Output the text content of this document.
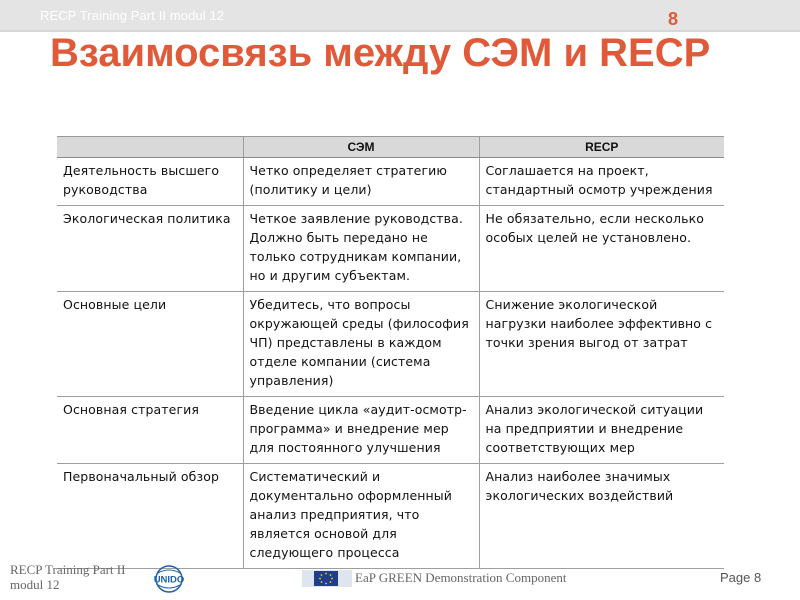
RECP Training Part II modul 12	8
Взаимосвязь между СЭМ и RECP
	СЭМ	RECP
Деятельность высшего руководства	Четко определяет стратегию (политику и цели)	Соглашается на проект, стандартный осмотр учреждения
Экологическая политика	Четкое заявление руководства. Должно быть передано не только сотрудникам компании, но и другим субъектам.	Не обязательно, если несколько особых целей не установлено.
Основные цели	Убедитесь, что вопросы окружающей среды (философия ЧП) представлены в каждом отделе компании (система управления)	Снижение экологической нагрузки наиболее эффективно с точки зрения выгод от затрат
Основная стратегия	Введение цикла «аудит-осмотр-программа» и внедрение мер для постоянного улучшения	Анализ экологической ситуации на предприятии и внедрение соответствующих мер
Первоначальный обзор	Систематический и документально оформленный анализ предприятия, что является основой для следующего процесса	Анализ наиболее значимых экологических воздействий
RECP Training Part II modul 12	UNIDO	EaP GREEN Demonstration Component	Page 8
